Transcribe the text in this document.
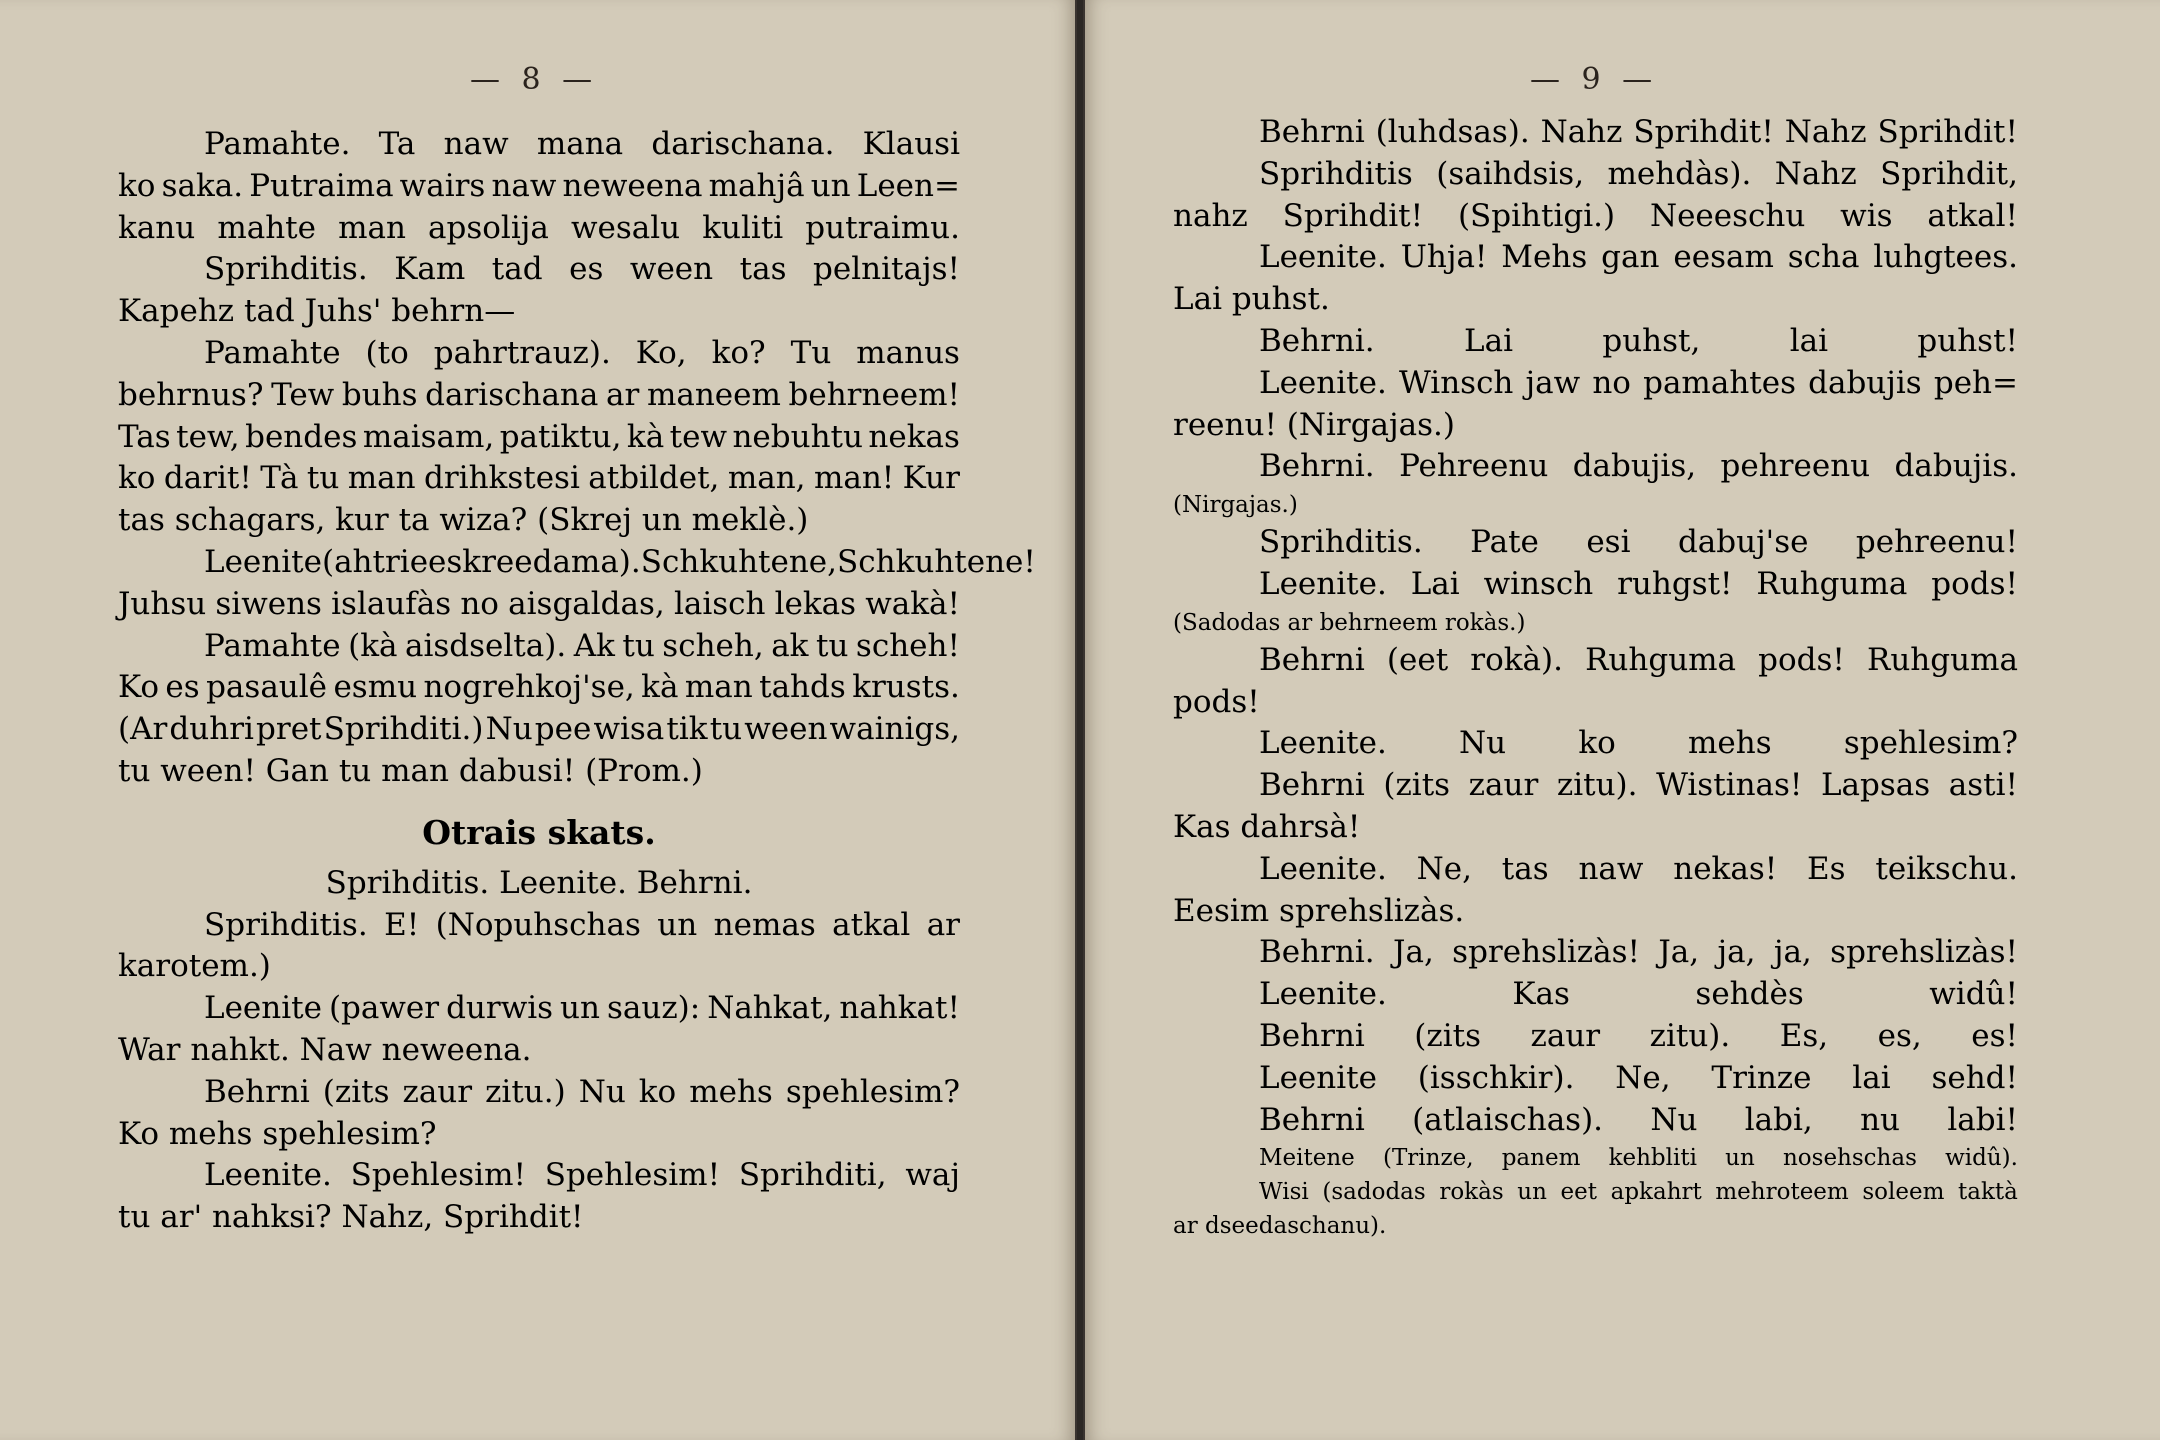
— 8 —	— 9 —
Pamahte. Ta naw mana darischana. Klausi
ko saka. Putraima wairs naw neweena mahjâ un Leen=
kanu mahte man apsolija wesalu kuliti putraimu.
Sprihditis. Kam tad es ween tas pelnitajs!
Kapehz tad Juhs' behrn—
Pamahte (to pahrtrauz). Ko, ko? Tu manus
behrnus? Tew buhs darischana ar maneem behrneem!
Tas tew, bendes maisam, patiktu, kà tew nebuhtu nekas
ko darit! Tà tu man drihkstesi atbildet, man, man! Kur
tas schagars, kur ta wiza? (Skrej un meklè.)
Leenite (ahtri eeskreedama). Schkuhtene, Schkuhtene!
Juhsu siwens islaufàs no aisgaldas, laisch lekas wakà!
Pamahte (kà aisdselta). Ak tu scheh, ak tu scheh!
Ko es pasaulê esmu nogrehkoj'se, kà man tahds krusts.
(Ar duhri pret Sprihditi.) Nu pee wisa tik tu ween wainigs,
tu ween! Gan tu man dabusi! (Prom.)
Otrais skats.
Sprihditis. Leenite. Behrni.
Sprihditis. E! (Nopuhschas un nemas atkal ar
karotem.)
Leenite (pawer durwis un sauz): Nahkat, nahkat!
War nahkt. Naw neweena.
Behrni (zits zaur zitu.) Nu ko mehs spehlesim?
Ko mehs spehlesim?
Leenite. Spehlesim! Spehlesim! Sprihditi, waj
tu ar' nahksi? Nahz, Sprihdit!
Behrni (luhdsas). Nahz Sprihdit! Nahz Sprihdit!
Sprihditis (saihdsis, mehdàs). Nahz Sprihdit,
nahz Sprihdit! (Spihtigi.) Neeeschu wis atkal!
Leenite. Uhja! Mehs gan eesam scha luhgtees.
Lai puhst.
Behrni.	Lai	puhst,	lai	puhst!
Leenite. Winsch jaw no pamahtes dabujis peh=
reenu! (Nirgajas.)
Behrni. Pehreenu dabujis, pehreenu dabujis.
(Nirgajas.)
Sprihditis. Pate esi dabuj'se pehreenu!
Leenite. Lai winsch ruhgst! Ruhguma pods!
(Sadodas ar behrneem rokàs.)
Behrni (eet rokà). Ruhguma pods! Ruhguma
pods!
Leenite. Nu ko mehs spehlesim?
Behrni (zits zaur zitu). Wistinas! Lapsas asti!
Kas dahrsà!
Leenite. Ne, tas naw nekas! Es teikschu.
Eesim sprehslizàs.
Behrni. Ja, sprehslizàs! Ja, ja, ja, sprehslizàs!
Leenite.	Kas	sehdès	widû!
Behrni (zits zaur zitu). Es, es, es!
Leenite (isschkir). Ne, Trinze lai sehd!
Behrni (atlaischas). Nu labi, nu labi!
Meitene (Trinze, panem kehbliti un nosehschas widû).
Wisi (sadodas rokàs un eet apkahrt mehroteem soleem taktà
ar dseedaschanu).
